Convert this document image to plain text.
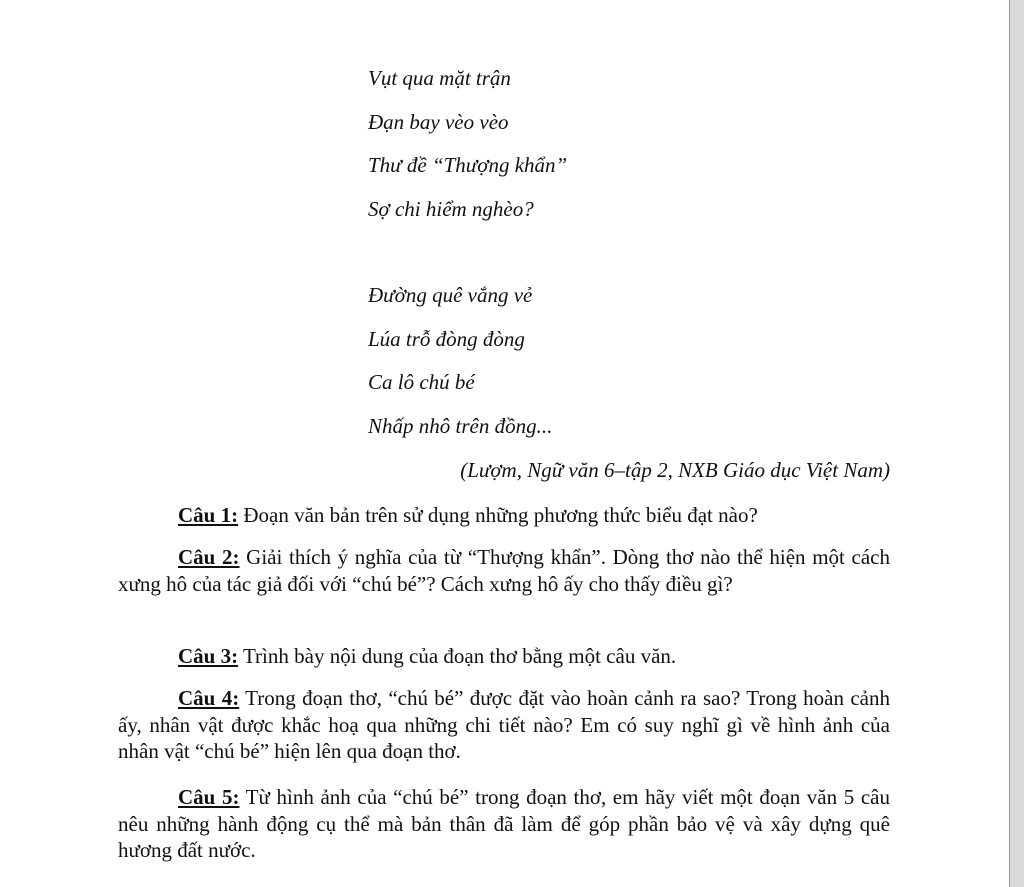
Vụt qua mặt trận
Đạn bay vèo vèo
Thư đề “Thượng khẩn”
Sợ chi hiểm nghèo?
Đường quê vắng vẻ
Lúa trỗ đòng đòng
Ca lô chú bé
Nhấp nhô trên đồng...
(Lượm, Ngữ văn 6–tập 2, NXB Giáo dục Việt Nam)
Câu 1: Đoạn văn bản trên sử dụng những phương thức biểu đạt nào?
Câu 2: Giải thích ý nghĩa của từ “Thượng khẩn”. Dòng thơ nào thể hiện một cách xưng hô của tác giả đối với “chú bé”? Cách xưng hô ấy cho thấy điều gì?
Câu 3: Trình bày nội dung của đoạn thơ bằng một câu văn.
Câu 4: Trong đoạn thơ, “chú bé” được đặt vào hoàn cảnh ra sao? Trong hoàn cảnh ấy, nhân vật được khắc hoạ qua những chi tiết nào? Em có suy nghĩ gì về hình ảnh của nhân vật “chú bé” hiện lên qua đoạn thơ.
Câu 5: Từ hình ảnh của “chú bé” trong đoạn thơ, em hãy viết một đoạn văn 5 câu nêu những hành động cụ thể mà bản thân đã làm để góp phần bảo vệ và xây dựng quê hương đất nước.
